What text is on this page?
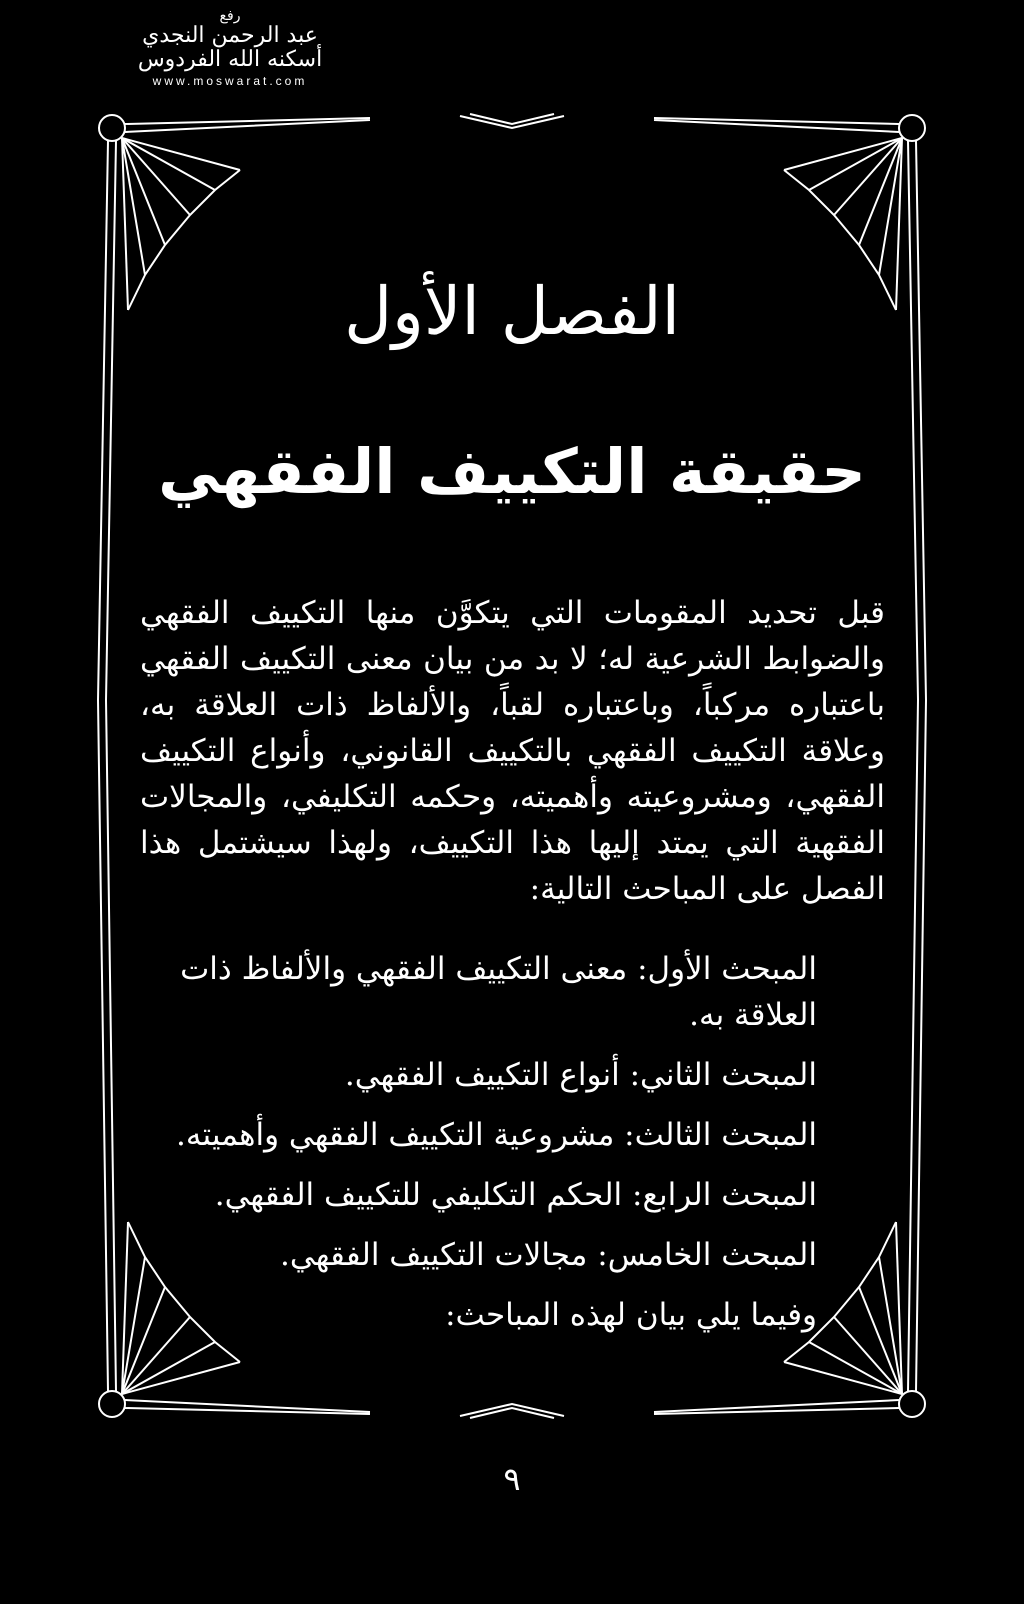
رفع
عبد الرحمن النجدي
أسكنه الله الفردوس
www.moswarat.com
الفصل الأول
حقيقة التكييف الفقهي

قبل تحديد المقومات التي يتكوَّن منها التكييف الفقهي والضوابط الشرعية له؛ لا بد من بيان معنى التكييف الفقهي باعتباره مركباً، وباعتباره لقباً، والألفاظ ذات العلاقة به، وعلاقة التكييف الفقهي بالتكييف القانوني، وأنواع التكييف الفقهي، ومشروعيته وأهميته، وحكمه التكليفي، والمجالات الفقهية التي يمتد إليها هذا التكييف، ولهذا سيشتمل هذا الفصل على المباحث التالية:

المبحث الأول: معنى التكييف الفقهي والألفاظ ذات العلاقة به.

المبحث الثاني: أنواع التكييف الفقهي.

المبحث الثالث: مشروعية التكييف الفقهي وأهميته.

المبحث الرابع: الحكم التكليفي للتكييف الفقهي.

المبحث الخامس: مجالات التكييف الفقهي.

وفيما يلي بيان لهذه المباحث:

٩
